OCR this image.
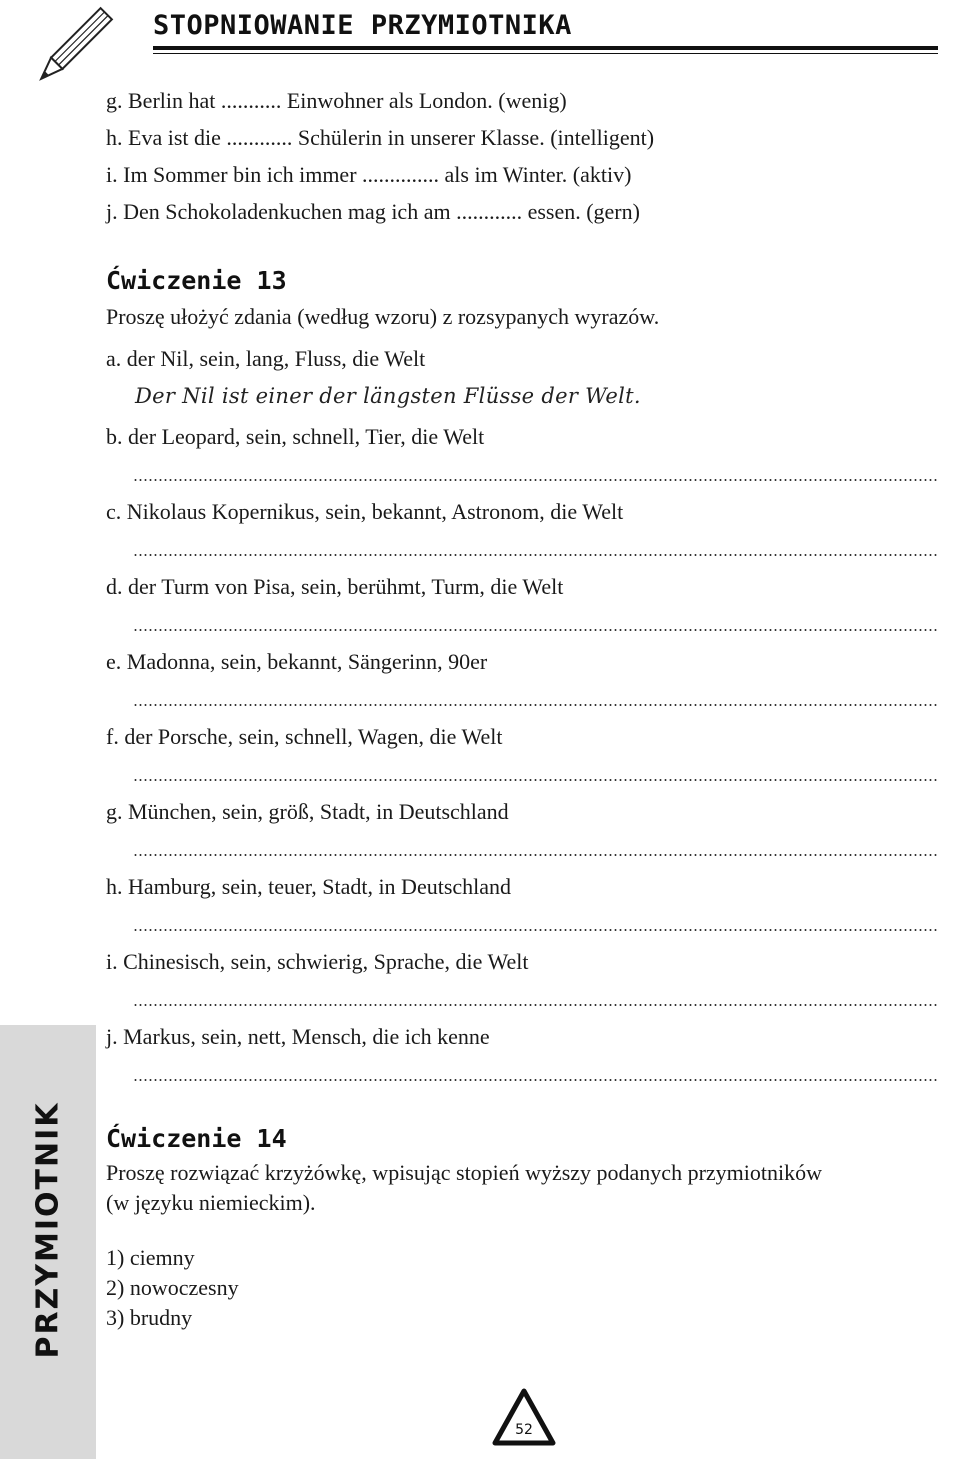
STOPNIOWANIE PRZYMIOTNIKA
PRZYMIOTNIK
g. Berlin hat ........... Einwohner als London. (wenig)
h. Eva ist die ............ Schülerin in unserer Klasse. (intelligent)
i. Im Sommer bin ich immer .............. als im Winter. (aktiv)
j. Den Schokoladenkuchen mag ich am ............ essen. (gern)
Ćwiczenie 13
Proszę ułożyć zdania (według wzoru) z rozsypanych wyrazów.
a. der Nil, sein, lang, Fluss, die Welt
Der Nil ist einer der längsten Flüsse der Welt.
b. der Leopard, sein, schnell, Tier, die Welt
c. Nikolaus Kopernikus, sein, bekannt, Astronom, die Welt
d. der Turm von Pisa, sein, berühmt, Turm, die Welt
e. Madonna, sein, bekannt, Sängerinn, 90er
f. der Porsche, sein, schnell, Wagen, die Welt
g. München, sein, größ, Stadt, in Deutschland
h. Hamburg, sein, teuer, Stadt, in Deutschland
i. Chinesisch, sein, schwierig, Sprache, die Welt
j. Markus, sein, nett, Mensch, die ich kenne
Ćwiczenie 14
Proszę rozwiązać krzyżówkę, wpisując stopień wyższy podanych przymiotników
(w języku niemieckim).
1) ciemny
2) nowoczesny
3) brudny
52
